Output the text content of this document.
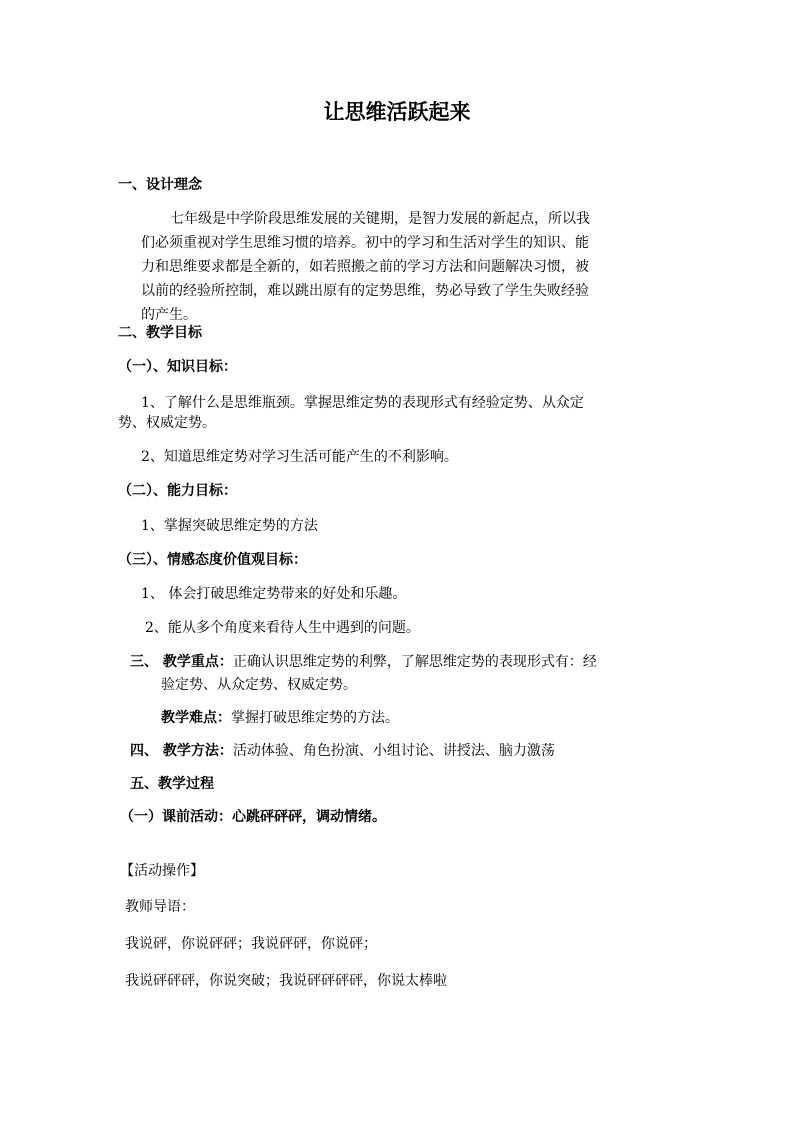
让思维活跃起来
一、设计理念
七年级是中学阶段思维发展的关键期，是智力发展的新起点，所以我
们必须重视对学生思维习惯的培养。初中的学习和生活对学生的知识、能
力和思维要求都是全新的，如若照搬之前的学习方法和问题解决习惯，被
以前的经验所控制，难以跳出原有的定势思维，势必导致了学生失败经验
的产生。
二、教学目标
（一）、知识目标：
1、了解什么是思维瓶颈。掌握思维定势的表现形式有经验定势、从众定
势、权威定势。
2、知道思维定势对学习生活可能产生的不利影响。
（二）、能力目标：
1、掌握突破思维定势的方法
（三）、情感态度价值观目标：
1、 体会打破思维定势带来的好处和乐趣。
2、能从多个角度来看待人生中遇到的问题。
三、 教学重点：正确认识思维定势的利弊，了解思维定势的表现形式有：经
验定势、从众定势、权威定势。
教学难点：掌握打破思维定势的方法。
四、 教学方法：活动体验、角色扮演、小组讨论、讲授法、脑力激荡
五、教学过程
（一）课前活动：心跳砰砰砰，调动情绪。
【活动操作】
教师导语：
我说砰，你说砰砰；我说砰砰，你说砰；
我说砰砰砰，你说突破；我说砰砰砰砰，你说太棒啦
